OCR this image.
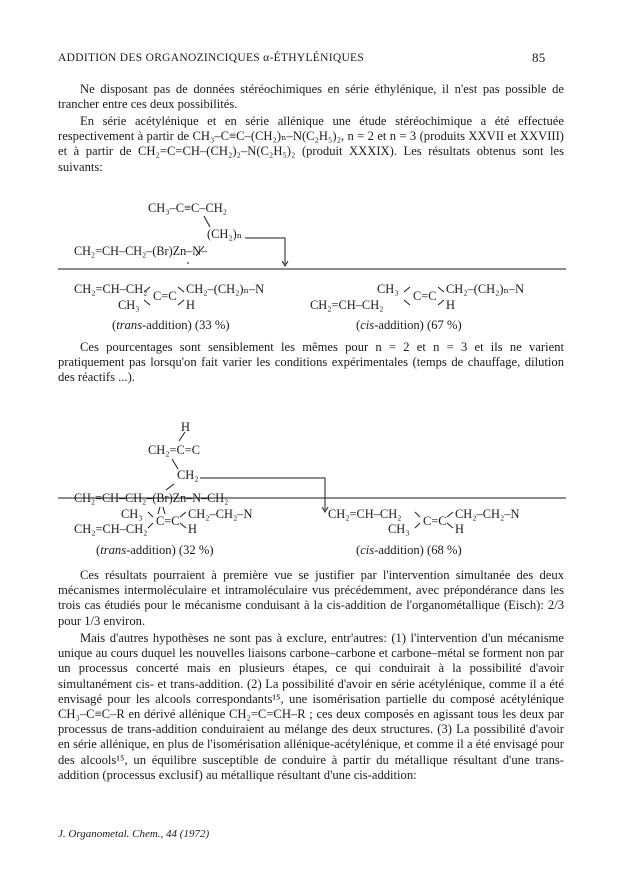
ADDITION DES ORGANOZINCIQUES α-ÉTHYLÉNIQUES	85

Ne disposant pas de données stéréochimiques en série éthylénique, il n'est pas possible de trancher entre ces deux possibilités.

En série acétylénique et en série allénique une étude stéréochimique a été effectuée respectivement à partir de CH₃–C≡C–(CH₂)ₙ–N(C₂H₅)₂, n = 2 et n = 3 (produits XXVII et XXVIII) et à partir de CH₂=C=CH–(CH₂)₂–N(C₂H₅)₂ (produit XXXIX). Les résultats obtenus sont les suivants:

CH₃–C≡C–CH₂
(CH₂)ₙ
CH₂=CH–CH₂–(Br)Zn–N–
CH₂=CH–CH₂ C=C CH₂–(CH₂)ₙ–N
CH₃	H
CH₃ C=C CH₂–(CH₂)ₙ–N
CH₂=CH–CH₂	H
(trans-addition) (33 %)	(cis-addition) (67 %)

Ces pourcentages sont sensiblement les mêmes pour n = 2 et n = 3 et ils ne varient pratiquement pas lorsqu'on fait varier les conditions expérimentales (temps de chauffage, dilution des réactifs ...).

H
CH₂=C=C
CH₂
CH₂=CH–CH₂–(Br)Zn–N–CH₂
CH₃ C=C CH₂–CH₂–N
CH₂=CH–CH₂	H
CH₂=CH–CH₂ C=C CH₂–CH₂–N
CH₃	H
(trans-addition) (32 %)	(cis-addition) (68 %)

Ces résultats pourraient à première vue se justifier par l'intervention simultanée des deux mécanismes intermoléculaire et intramoléculaire vus précédemment, avec prépondérance dans les trois cas étudiés pour le mécanisme conduisant à la cis-addition de l'organométallique (Eisch): 2/3 pour 1/3 environ.

Mais d'autres hypothèses ne sont pas à exclure, entr'autres: (1) l'intervention d'un mécanisme unique au cours duquel les nouvelles liaisons carbone–carbone et carbone–métal se forment non par un processus concerté mais en plusieurs étapes, ce qui conduirait à la possibilité d'avoir simultanément cis- et trans-addition. (2) La possibilité d'avoir en série acétylénique, comme il a été envisagé pour les alcools correspondants¹⁵, une isomérisation partielle du composé acétylénique CH₃–C≡C–R en dérivé allénique CH₂=C=CH–R ; ces deux composés en agissant tous les deux par processus de trans-addition conduiraient au mélange des deux structures. (3) La possibilité d'avoir en série allénique, en plus de l'isomérisation allénique-acétylénique, et comme il a été envisagé pour des alcools¹⁵, un équilibre susceptible de conduire à partir du métallique résultant d'une trans-addition (processus exclusif) au métallique résultant d'une cis-addition:

J. Organometal. Chem., 44 (1972)
